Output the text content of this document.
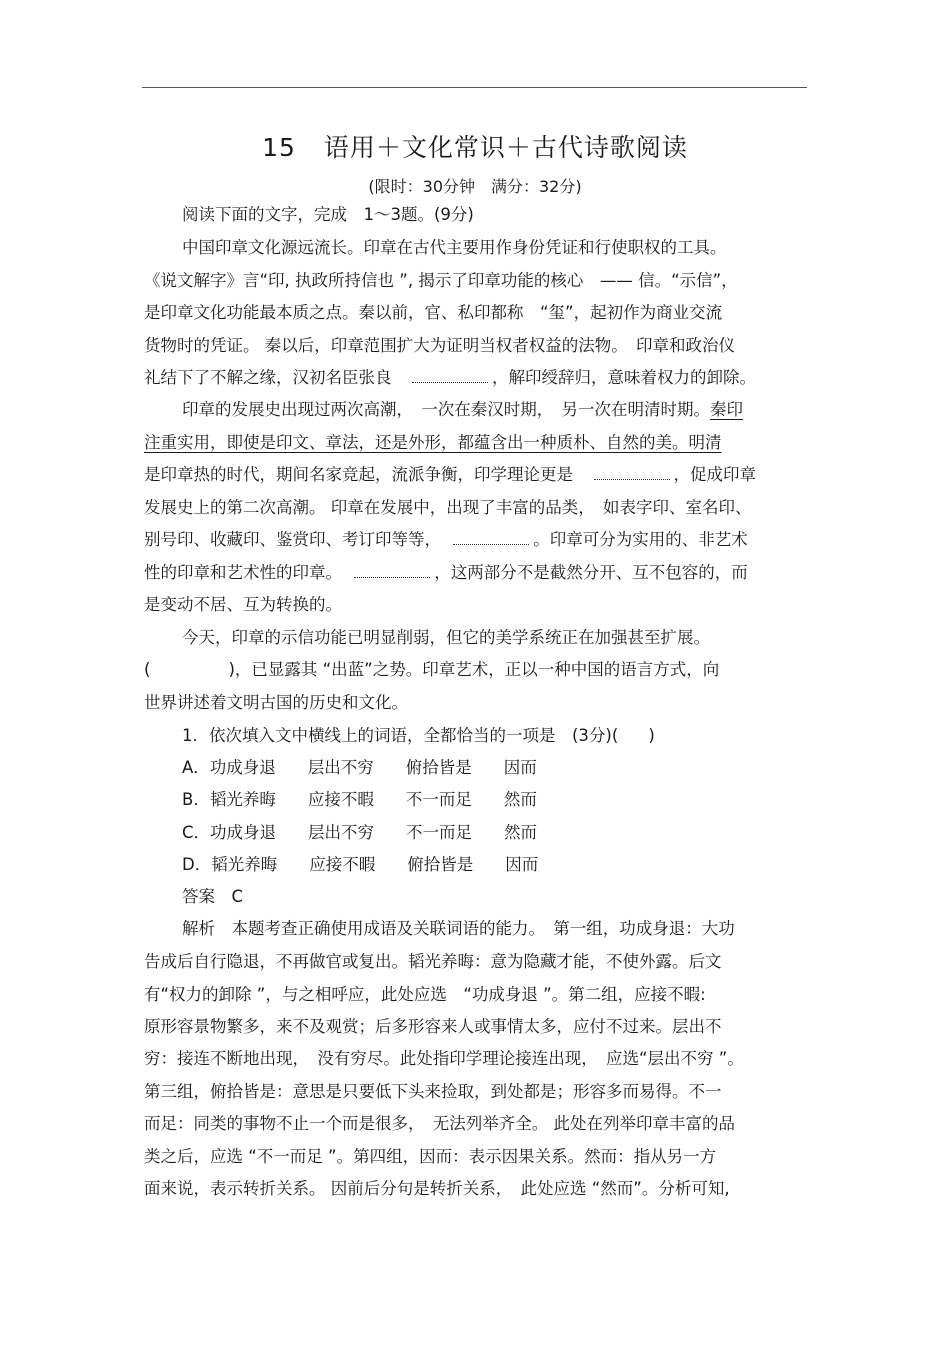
15 语用＋文化常识＋古代诗歌阅读
(限时：30分钟　满分：32分)
阅读下面的文字，完成　1～3题。(9分)
中国印章文化源远流长。印章在古代主要用作身份凭证和行使职权的工具。
《说文解字》言“印, 执政所持信也 ”, 揭示了印章功能的核心　—— 信。“示信”，
是印章文化功能最本质之点。秦以前，官、私印都称　“玺”，起初作为商业交流
货物时的凭证。 秦以后，印章范围扩大为证明当权者权益的法物。　印章和政治仪
礼结下了不解之缘，汉初名臣张良　	，解印绶辞归，意味着权力的卸除。
印章的发展史出现过两次高潮，　一次在秦汉时期，　另一次在明清时期。秦印
注重实用，即使是印文、章法，还是外形，都蕴含出一种质朴、自然的美。明清
是印章热的时代，期间名家竞起，流派争衡，印学理论更是　	，促成印章
发展史上的第二次高潮。 印章在发展中，出现了丰富的品类，　如表字印、室名印、
别号印、收藏印、鉴赏印、考订印等等，　	。印章可分为实用的、非艺术
性的印章和艺术性的印章。　	，这两部分不是截然分开、互不包容的，而
是变动不居、互为转换的。
今天，印章的示信功能已明显削弱，但它的美学系统正在加强甚至扩展。
(	)，已显露其 “出蓝”之势。印章艺术，正以一种中国的语言方式，向
世界讲述着文明古国的历史和文化。
1．依次填入文中横线上的词语，全都恰当的一项是　(3分)( )
A．功成身退 层出不穷 俯拾皆是 因而
B．韬光养晦 应接不暇 不一而足 然而
C．功成身退 层出不穷 不一而足 然而
D．韬光养晦 应接不暇 俯拾皆是 因而
答案　C
解析　本题考查正确使用成语及关联词语的能力。　第一组，功成身退：大功
告成后自行隐退，不再做官或复出。韬光养晦：意为隐藏才能，不使外露。后文
有“权力的卸除 ”，与之相呼应，此处应选　“功成身退 ”。第二组，应接不暇:
原形容景物繁多，来不及观赏；后多形容来人或事情太多，应付不过来。层出不
穷：接连不断地出现，　没有穷尽。此处指印学理论接连出现，　应选“层出不穷 ”。
第三组，俯拾皆是：意思是只要低下头来捡取，到处都是；形容多而易得。不一
而足：同类的事物不止一个而是很多，　无法列举齐全。 此处在列举印章丰富的品
类之后，应选 “不一而足 ”。第四组，因而：表示因果关系。然而：指从另一方
面来说，表示转折关系。 因前后分句是转折关系，　此处应选 “然而”。分析可知,
